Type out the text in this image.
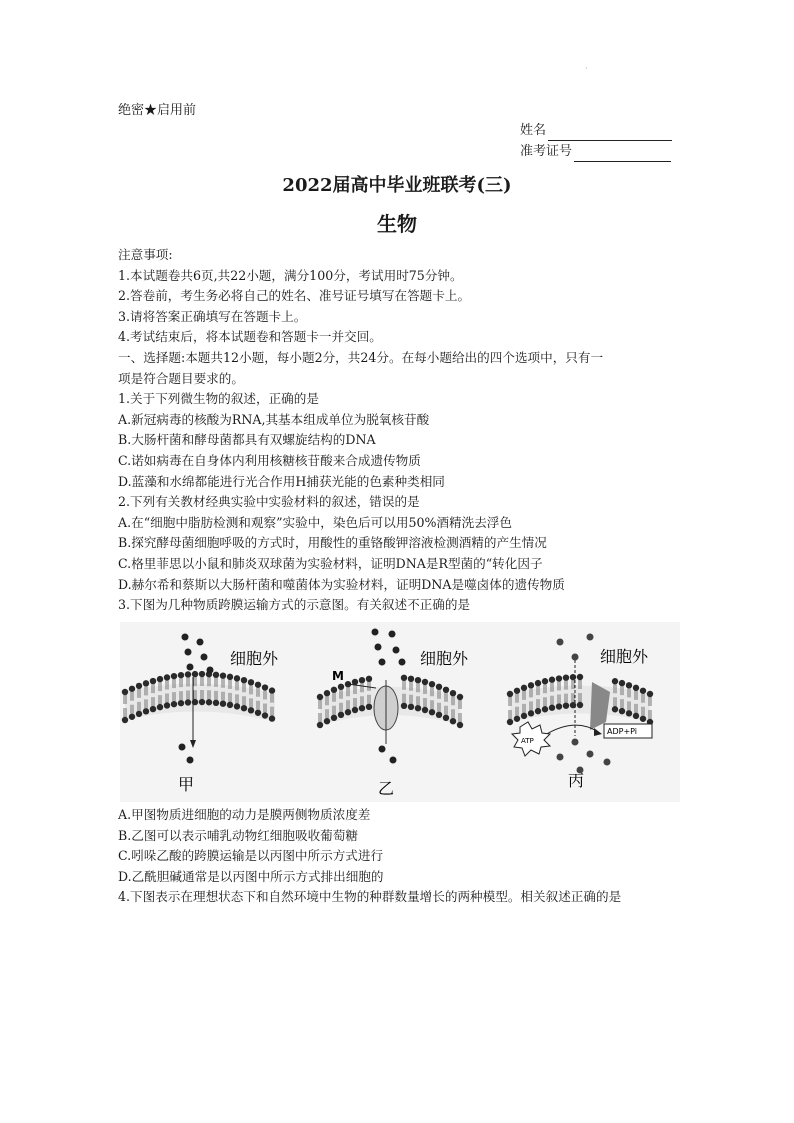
·
绝密★启用前
姓名
准考证号
2022届高中毕业班联考(三)
生物

注意事项:

1.本试题卷共6页,共22小题，满分100分，考试用时75分钟。

2.答卷前，考生务必将自己的姓名、准号证号填写在答题卡上。

3.请将答案正确填写在答题卡上。

4.考试结束后，将本试题卷和答题卡一并交回。

一、选择题:本题共12小题，每小题2分，共24分。在每小题给出的四个选项中，只有一

项是符合题目要求的。

1.关于下列微生物的叙述，正确的是

A.新冠病毒的核酸为RNA,其基本组成单位为脱氧核苷酸

B.大肠杆菌和酵母菌都具有双螺旋结构的DNA

C.诺如病毒在自身体内利用核糖核苷酸来合成遗传物质

D.蓝藻和水绵都能进行光合作用H捕获光能的色素种类相同

2.下列有关教材经典实验中实验材料的叙述，错误的是

A.在“细胞中脂肪检测和观察”实验中，染色后可以用50%酒精洗去浮色

B.探究酵母菌细胞呼吸的方式时，用酸性的重铬酸钾溶液检测酒精的产生情况

C.格里菲思以小鼠和肺炎双球菌为实验材料，证明DNA是R型菌的“转化因子

D.赫尔希和蔡斯以大肠杆菌和噬菌体为实验材料，证明DNA是噬卤体的遗传物质

3.下图为几种物质跨膜运输方式的示意图。有关叙述不正确的是

细胞外	细胞外	细胞外
M
甲	乙	丙
ATP
ADP+Pi

A.甲图物质进细胞的动力是膜两侧物质浓度差

B.乙图可以表示哺乳动物红细胞吸收葡萄糖

C.吲哚乙酸的跨膜运输是以丙图中所示方式进行

D.乙酰胆碱通常是以丙图中所示方式排出细胞的

4.下图表示在理想状态下和自然环境中生物的种群数量增长的两种模型。相关叙述正确的是
